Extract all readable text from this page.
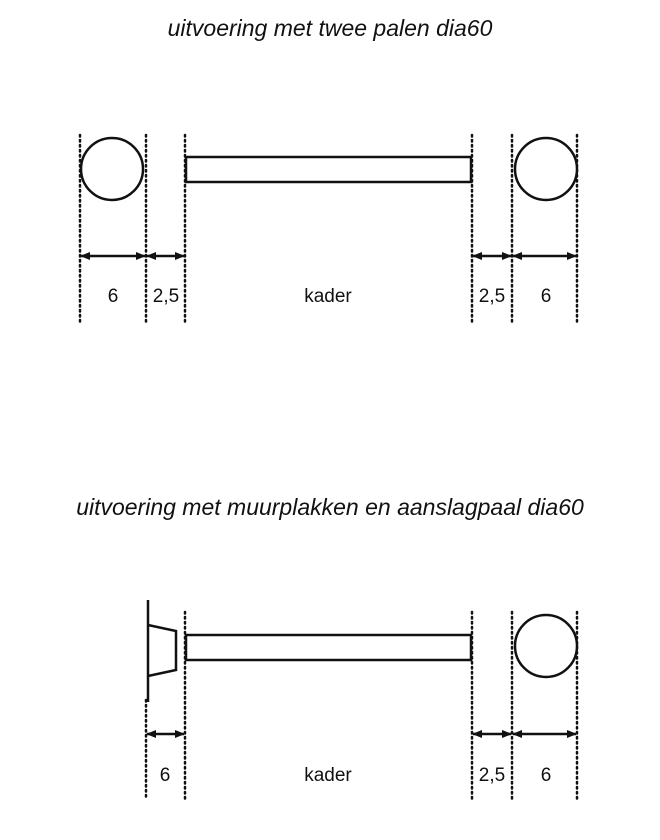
uitvoering met twee palen dia60
6 2,5	kader	2,5 6
uitvoering met muurplakken en aanslagpaal dia60
6	kader	2,5 6
